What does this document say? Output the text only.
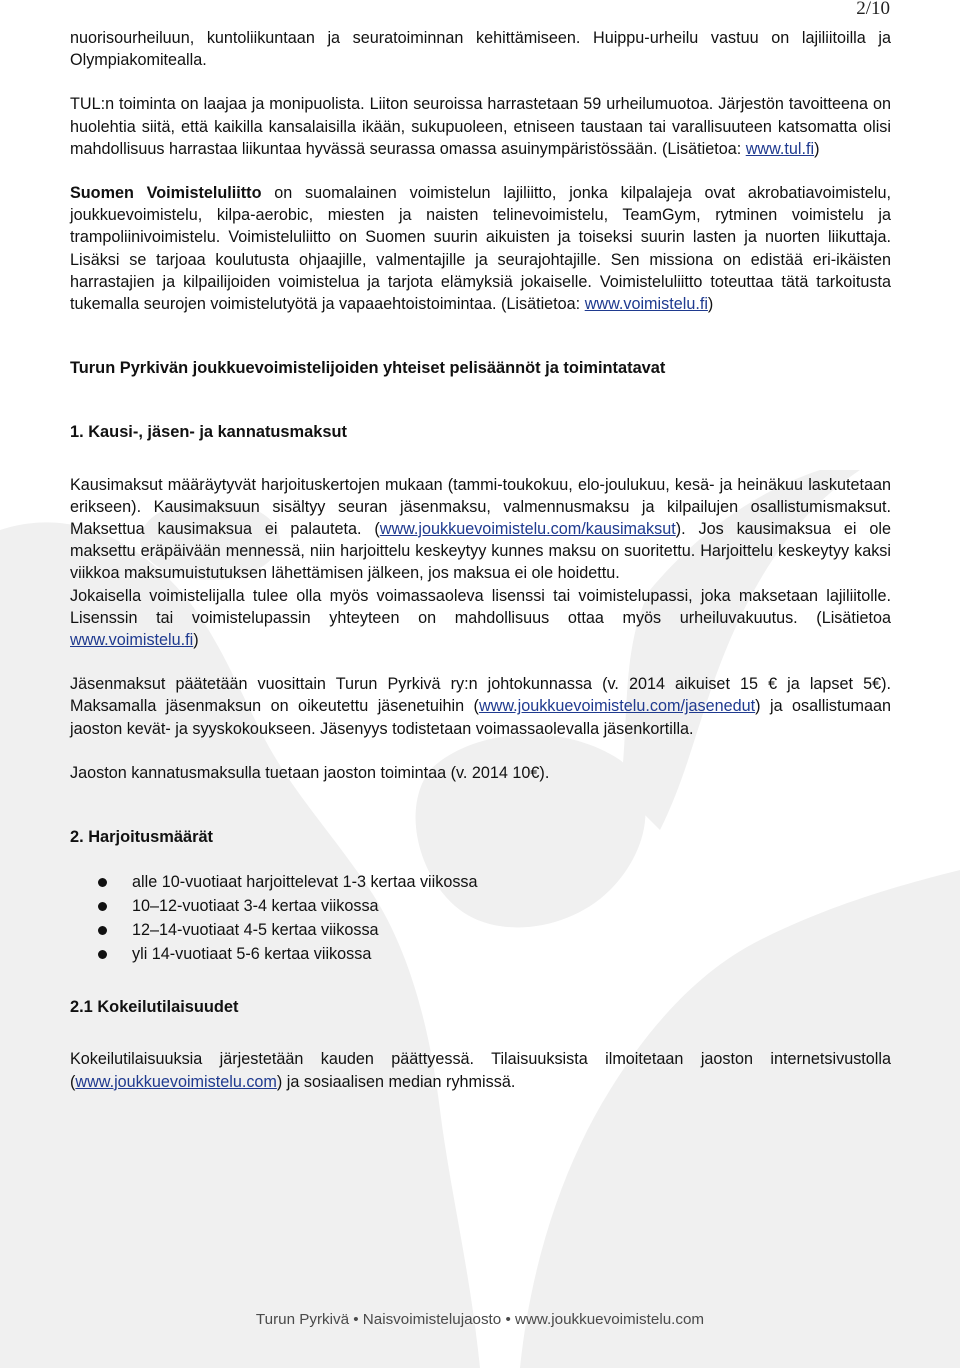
2/10

nuorisourheiluun, kuntoliikuntaan ja seuratoiminnan kehittämiseen. Huippu-urheilu vastuu on lajiliitoilla ja Olympiakomitealla.

TUL:n toiminta on laajaa ja monipuolista. Liiton seuroissa harrastetaan 59 urheilumuotoa. Järjestön tavoitteena on huolehtia siitä, että kaikilla kansalaisilla ikään, sukupuoleen, etniseen taustaan tai varallisuuteen katsomatta olisi mahdollisuus harrastaa liikuntaa hyvässä seurassa omassa asuinympäristössään. (Lisätietoa: www.tul.fi)

Suomen Voimisteluliitto on suomalainen voimistelun lajiliitto, jonka kilpalajeja ovat akrobatiavoimistelu, joukkuevoimistelu, kilpa-aerobic, miesten ja naisten telinevoimistelu, TeamGym, rytminen voimistelu ja trampoliinivoimistelu. Voimisteluliitto on Suomen suurin aikuisten ja toiseksi suurin lasten ja nuorten liikuttaja. Lisäksi se tarjoaa koulutusta ohjaajille, valmentajille ja seurajohtajille. Sen missiona on edistää eri-ikäisten harrastajien ja kilpailijoiden voimistelua ja tarjota elämyksiä jokaiselle. Voimisteluliitto toteuttaa tätä tarkoitusta tukemalla seurojen voimistelutyötä ja vapaaehtoistoimintaa. (Lisätietoa: www.voimistelu.fi)

Turun Pyrkivän joukkuevoimistelijoiden yhteiset pelisäännöt ja toimintatavat

1. Kausi-, jäsen- ja kannatusmaksut

Kausimaksut määräytyvät harjoituskertojen mukaan (tammi-toukokuu, elo-joulukuu, kesä- ja heinäkuu laskutetaan erikseen). Kausimaksuun sisältyy seuran jäsenmaksu, valmennusmaksu ja kilpailujen osallistumismaksut. Maksettua kausimaksua ei palauteta. (www.joukkuevoimistelu.com/kausimaksut). Jos kausimaksua ei ole maksettu eräpäivään mennessä, niin harjoittelu keskeytyy kunnes maksu on suoritettu. Harjoittelu keskeytyy kaksi viikkoa maksumuistutuksen lähettämisen jälkeen, jos maksua ei ole hoidettu.

Jokaisella voimistelijalla tulee olla myös voimassaoleva lisenssi tai voimistelupassi, joka maksetaan lajiliitolle. Lisenssin tai voimistelupassin yhteyteen on mahdollisuus ottaa myös urheiluvakuutus. (Lisätietoa www.voimistelu.fi)

Jäsenmaksut päätetään vuosittain Turun Pyrkivä ry:n johtokunnassa (v. 2014 aikuiset 15 € ja lapset 5€). Maksamalla jäsenmaksun on oikeutettu jäsenetuihin (www.joukkuevoimistelu.com/jasenedut) ja osallistumaan jaoston kevät- ja syyskokoukseen. Jäsenyys todistetaan voimassaolevalla jäsenkortilla.

Jaoston kannatusmaksulla tuetaan jaoston toimintaa (v. 2014 10€).

2. Harjoitusmäärät

alle 10-vuotiaat harjoittelevat 1-3 kertaa viikossa
10–12-vuotiaat 3-4 kertaa viikossa
12–14-vuotiaat 4-5 kertaa viikossa
yli 14-vuotiaat 5-6 kertaa viikossa

2.1 Kokeilutilaisuudet

Kokeilutilaisuuksia järjestetään kauden päättyessä. Tilaisuuksista ilmoitetaan jaoston internetsivustolla (www.joukkuevoimistelu.com) ja sosiaalisen median ryhmissä.

Turun Pyrkivä • Naisvoimistelujaosto • www.joukkuevoimistelu.com
